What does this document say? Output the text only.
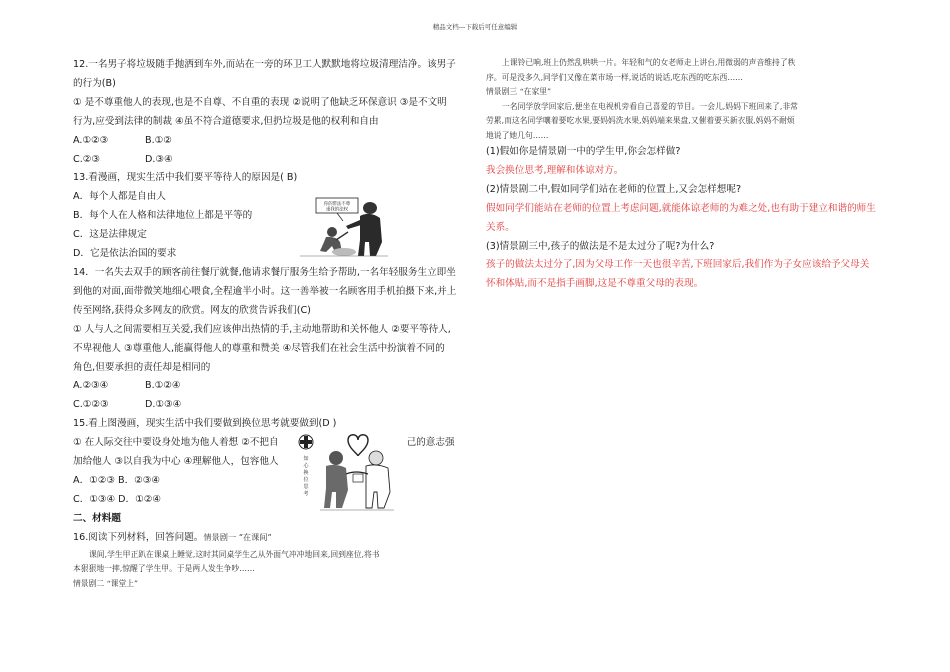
精品文档---下载后可任意编辑
12.一名男子将垃圾随手抛洒到车外,而站在一旁的环卫工人默默地将垃圾清理洁净。该男子
的行为(B)
① 是不尊重他人的表现,也是不自尊、不自重的表现 ②说明了他缺乏环保意识 ③是不文明
行为,应受到法律的制裁 ④虽不符合道德要求,但扔垃圾是他的权利和自由
A.①②③	B.①②
C.②③	D.③④
13.看漫画，现实生活中我们要平等待人的原因是( B)
A．每个人都是自由人
B．每个人在人格和法律地位上都是平等的
C．这是法律规定
D．它是依法治国的要求
14．一名失去双手的顾客前往餐厅就餐,他请求餐厅服务生给予帮助,一名年轻服务生立即坐
到他的对面,面带微笑地细心喂食,全程逾半小时。这一善举被一名顾客用手机拍摄下来,并上
传至网络,获得众多网友的欣赏。网友的欣赏告诉我们(C)
① 人与人之间需要相互关爱,我们应该伸出热情的手,主动地帮助和关怀他人 ②要平等待人,
不卑视他人 ③尊重他人,能赢得他人的尊重和赞美 ④尽管我们在社会生活中扮演着不同的
角色,但要承担的责任却是相同的
A.②③④	B.①②④
C.①②③	D.①③④
15.看上图漫画，现实生活中我们要做到换位思考就要做到(D )
① 在人际交往中要设身处地为他人着想 ②不把自	己的意志强
加给他人 ③以自我为中心 ④理解他人，包容他人
A．①②③ B．②③④
C．①③④ D．①②④
二、材料题
16.阅读下列材料，回答问题。情景剧一 “在课间”
课间,学生甲正趴在课桌上睡觉,这时其同桌学生乙从外面气冲冲地回来,回到座位,将书
本狠狠地一摔,惊醒了学生甲。于是两人发生争吵……
情景剧二 “课堂上”
你的带法不尊
重我的法权
知心换位思考
上课铃已响,班上仍然乱哄哄一片。年轻和气的女老师走上讲台,用微弱的声音维持了秩
序。可是没多久,同学们又像在菜市场一样,说话的说话,吃东西的吃东西……
情景剧三 “在家里”
一名同学放学回家后,便坐在电视机旁看自己喜爱的节目。一会儿,妈妈下班回来了,非常
劳累,而这名同学嚷着要吃水果,要妈妈洗水果,妈妈端来果盘,又催着要买新衣服,妈妈不耐烦
地说了她几句……
(1)假如你是情景剧一中的学生甲,你会怎样做?
我会换位思考,理解和体谅对方。
(2)情景剧二中,假如同学们站在老师的位置上,又会怎样想呢?
假如同学们能站在老师的位置上考虑问题,就能体谅老师的为难之处,也有助于建立和谐的师生
关系。
(3)情景剧三中,孩子的做法是不是太过分了呢?为什么?
孩子的做法太过分了,因为父母工作一天也很辛苦,下班回家后,我们作为子女应该给予父母关
怀和体贴,而不是指手画脚,这是不尊重父母的表现。
